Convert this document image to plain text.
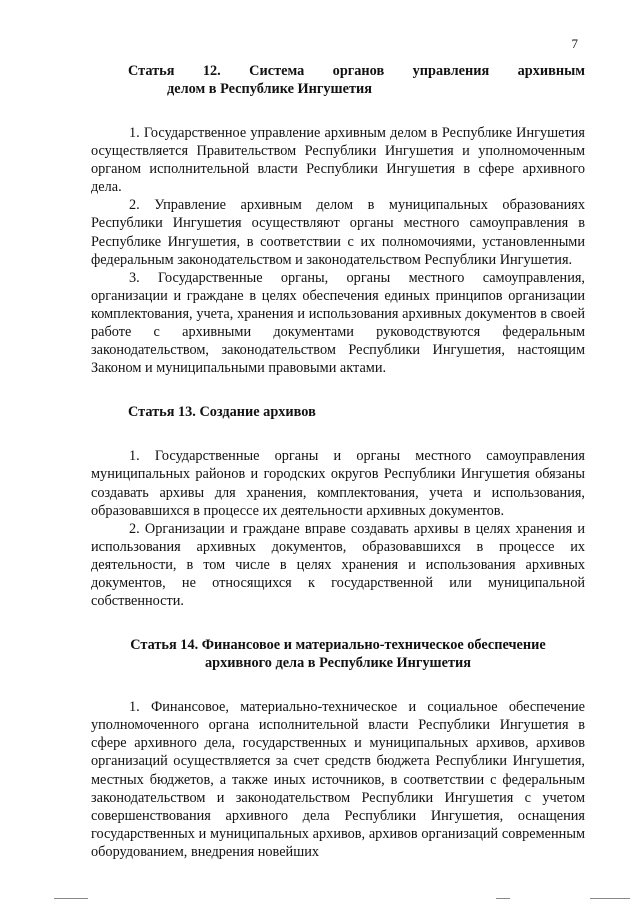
7
Статья 12. Система органов управления архивным
делом в Республике Ингушетия

1. Государственное управление архивным делом в Республике Ингушетия осуществляется Правительством Республики Ингушетия и уполномоченным органом исполнительной власти Республики Ингушетия в сфере архивного дела.

2. Управление архивным делом в муниципальных образованиях Республики Ингушетия осуществляют органы местного самоуправления в Республике Ингушетия, в соответствии с их полномочиями, установленными федеральным законодательством и законодательством Республики Ингушетия.

3. Государственные органы, органы местного самоуправления, организации и граждане в целях обеспечения единых принципов организации комплектования, учета, хранения и использования архивных документов в своей работе с архивными документами руководствуются федеральным законодательством, законодательством Республики Ингушетия, настоящим Законом и муниципальными правовыми актами.

Статья 13. Создание архивов

1. Государственные органы и органы местного самоуправления муниципальных районов и городских округов Республики Ингушетия обязаны создавать архивы для хранения, комплектования, учета и использования, образовавшихся в процессе их деятельности архивных документов.

2. Организации и граждане вправе создавать архивы в целях хранения и использования архивных документов, образовавшихся в процессе их деятельности, в том числе в целях хранения и использования архивных документов, не относящихся к государственной или муниципальной собственности.

Статья 14. Финансовое и материально-техническое обеспечение
архивного дела в Республике Ингушетия

1. Финансовое, материально-техническое и социальное обеспечение уполномоченного органа исполнительной власти Республики Ингушетия в сфере архивного дела, государственных и муниципальных архивов, архивов организаций осуществляется за счет средств бюджета Республики Ингушетия, местных бюджетов, а также иных источников, в соответствии с федеральным законодательством и законодательством Республики Ингушетия с учетом совершенствования архивного дела Республики Ингушетия, оснащения государственных и муниципальных архивов, архивов организаций современным оборудованием, внедрения новейших
